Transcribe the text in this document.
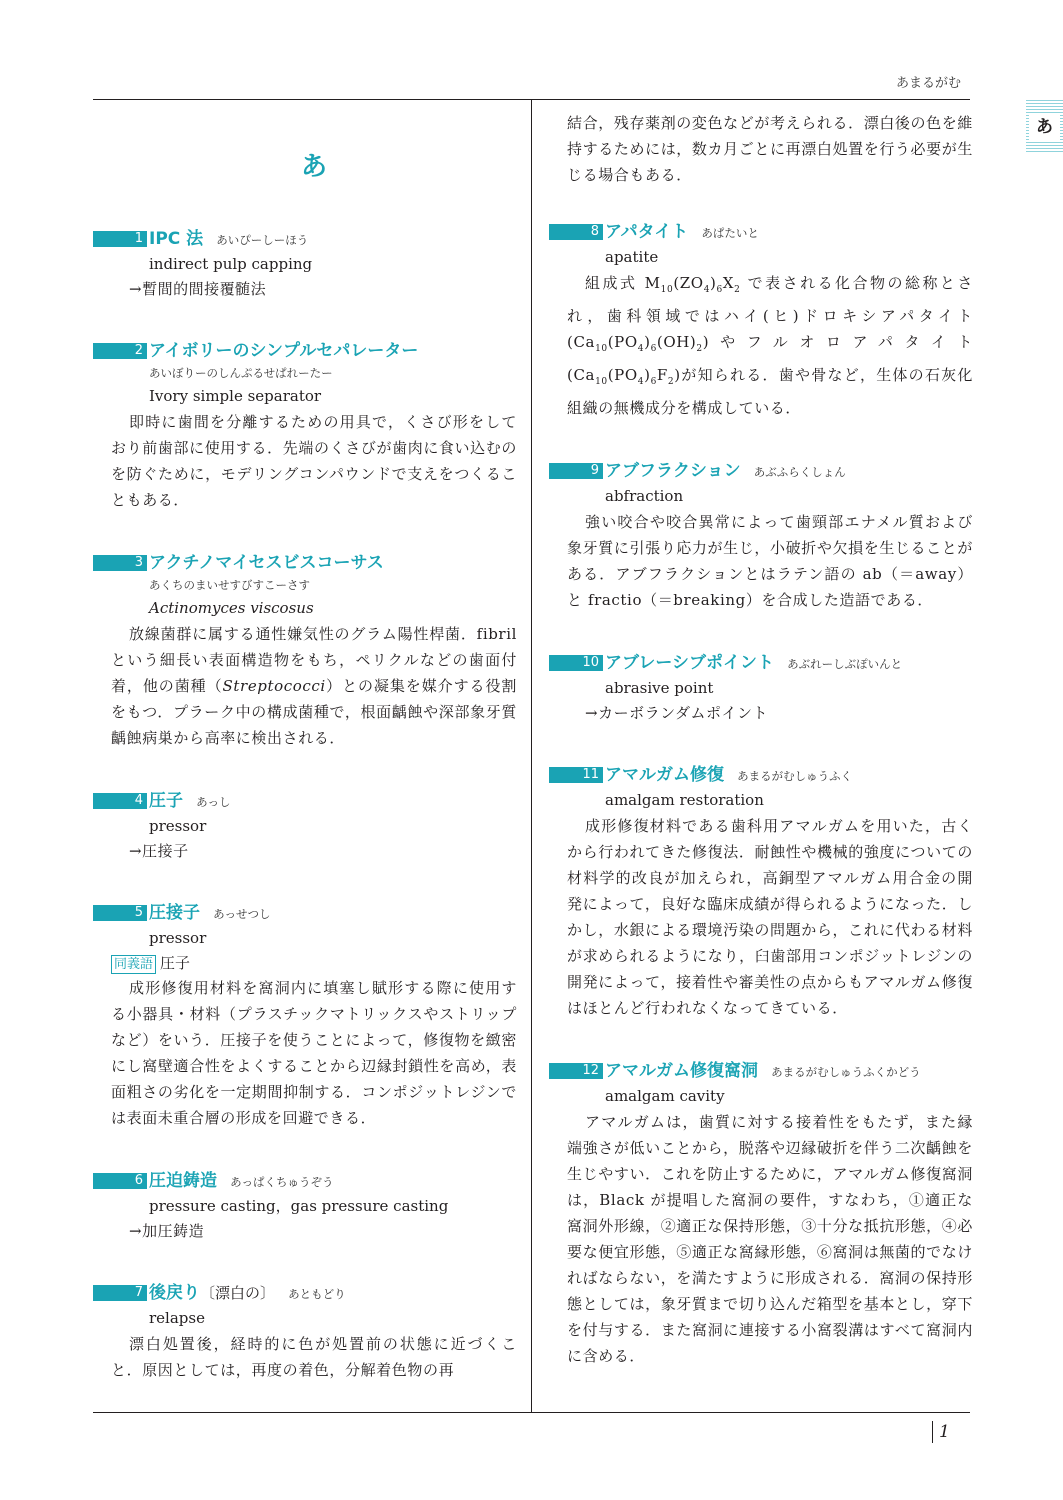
あまるがむ
あ
1
あ
1 IPC 法 あいぴーしーほう
indirect pulp capping
→暫間的間接覆髄法
2 アイボリーのシンプルセパレーター
あいぼりーのしんぷるせぱれーたー
Ivory simple separator

即時に歯間を分離するための用具で，くさび形をしており前歯部に使用する．先端のくさびが歯肉に食い込むのを防ぐために，モデリングコンパウンドで支えをつくることもある．

3 アクチノマイセスビスコーサス
あくちのまいせすびすこーさす
Actinomyces viscosus

放線菌群に属する通性嫌気性のグラム陽性桿菌．fibril という細長い表面構造物をもち，ペリクルなどの歯面付着，他の菌種（Streptococci）との凝集を媒介する役割をもつ．プラーク中の構成菌種で，根面齲蝕や深部象牙質齲蝕病巣から高率に検出される．

4 圧子 あっし
pressor
→圧接子
5 圧接子 あっせつし
pressor
同義語 圧子

成形修復用材料を窩洞内に填塞し賦形する際に使用する小器具・材料（プラスチックマトリックスやストリップなど）をいう．圧接子を使うことによって，修復物を緻密にし窩壁適合性をよくすることから辺縁封鎖性を高め，表面粗さの劣化を一定期間抑制する．コンポジットレジンでは表面未重合層の形成を回避できる．

6 圧迫鋳造 あっぱくちゅうぞう
pressure casting，gas pressure casting
→加圧鋳造
7 後戻り〔漂白の〕 あともどり
relapse

漂白処置後，経時的に色が処置前の状態に近づくこと．原因としては，再度の着色，分解着色物の再

結合，残存薬剤の変色などが考えられる．漂白後の色を維持するためには，数カ月ごとに再漂白処置を行う必要が生じる場合もある．

8 アパタイト あぱたいと
apatite

組成式 $M_{10}(ZO_4)_6X_2$ で表される化合物の総称とされ，歯科領域ではハイ(ヒ)ドロキシアパタイト$(Ca_{10}(PO_4)_6(OH)_2)$やフルオロアパタイト$(Ca_{10}(PO_4)_6F_2)$が知られる．歯や骨など，生体の石灰化組織の無機成分を構成している．

9 アブフラクション あぶふらくしょん
abfraction

強い咬合や咬合異常によって歯頸部エナメル質および象牙質に引張り応力が生じ，小破折や欠損を生じることがある．アブフラクションとはラテン語の ab（＝away）と fractio（＝breaking）を合成した造語である．

10 アブレーシブポイント あぶれーしぶぽいんと
abrasive point
→カーボランダムポイント
11 アマルガム修復 あまるがむしゅうふく
amalgam restoration

成形修復材料である歯科用アマルガムを用いた，古くから行われてきた修復法．耐蝕性や機械的強度についての材料学的改良が加えられ，高銅型アマルガム用合金の開発によって，良好な臨床成績が得られるようになった．しかし，水銀による環境汚染の問題から，これに代わる材料が求められるようになり，臼歯部用コンポジットレジンの開発によって，接着性や審美性の点からもアマルガム修復はほとんど行われなくなってきている．

12 アマルガム修復窩洞 あまるがむしゅうふくかどう
amalgam cavity

アマルガムは，歯質に対する接着性をもたず，また縁端強さが低いことから，脱落や辺縁破折を伴う二次齲蝕を生じやすい．これを防止するために，アマルガム修復窩洞は，Black が提唱した窩洞の要件，すなわち，①適正な窩洞外形線，②適正な保持形態，③十分な抵抗形態，④必要な便宜形態，⑤適正な窩縁形態，⑥窩洞は無菌的でなければならない，を満たすように形成される．窩洞の保持形態としては，象牙質まで切り込んだ箱型を基本とし，穿下を付与する．また窩洞に連接する小窩裂溝はすべて窩洞内に含める．
